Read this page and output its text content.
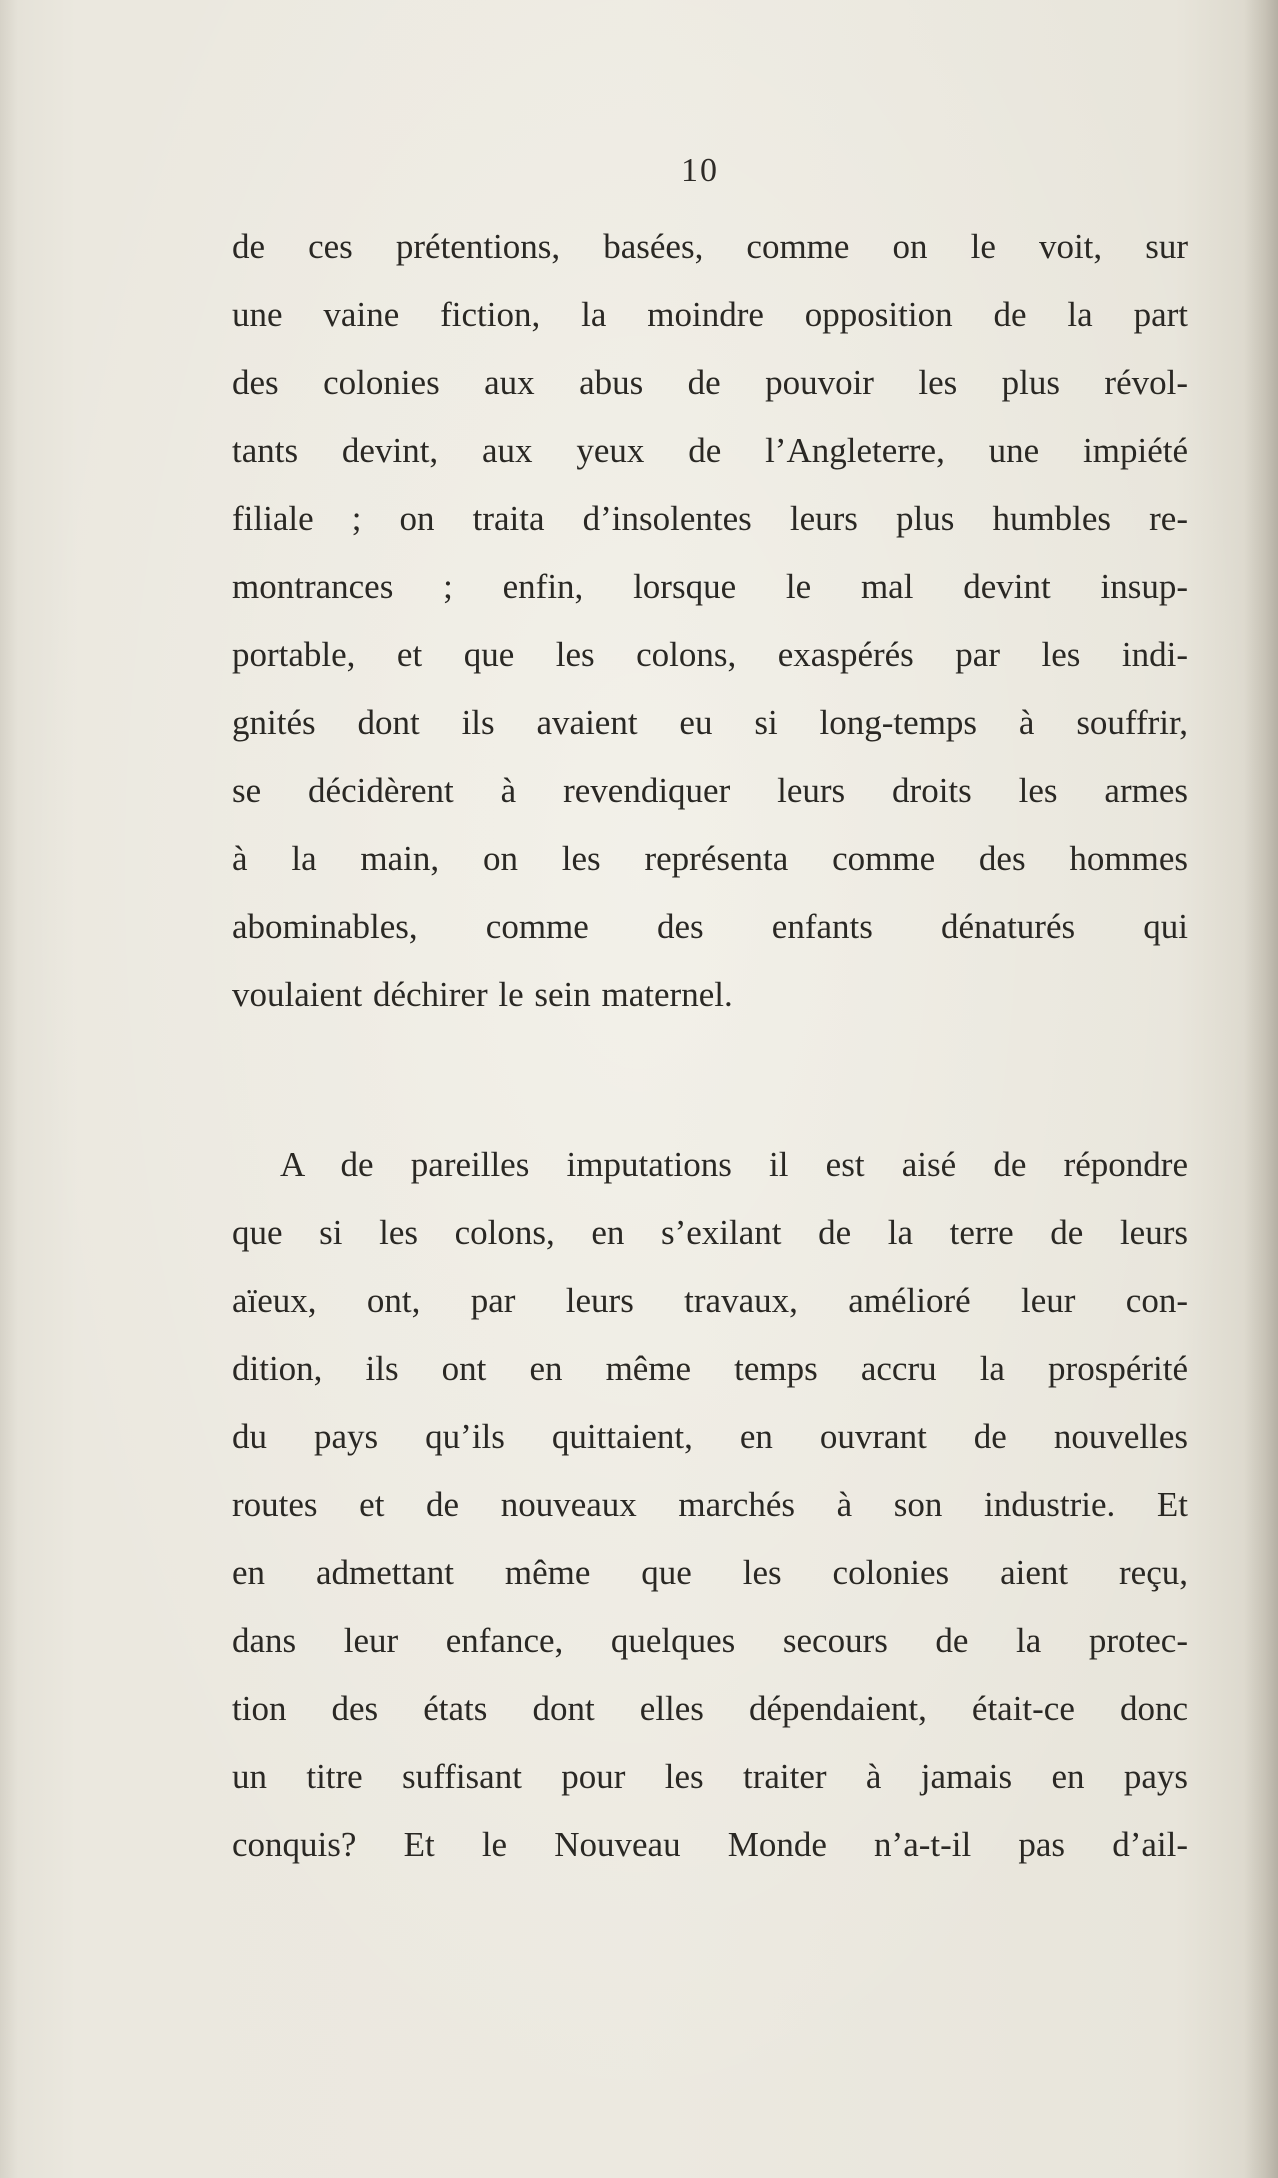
10
de ces prétentions, basées, comme on le voit, sur
une vaine fiction, la moindre opposition de la part
des colonies aux abus de pouvoir les plus révol-
tants devint, aux yeux de l’Angleterre, une impiété
filiale ; on traita d’insolentes leurs plus humbles re-
montrances ; enfin, lorsque le mal devint insup-
portable, et que les colons, exaspérés par les indi-
gnités dont ils avaient eu si long-temps à souffrir,
se décidèrent à revendiquer leurs droits les armes
à la main, on les représenta comme des hommes
abominables, comme des enfants dénaturés qui
voulaient déchirer le sein maternel.
A de pareilles imputations il est aisé de répondre
que si les colons, en s’exilant de la terre de leurs
aïeux, ont, par leurs travaux, amélioré leur con-
dition, ils ont en même temps accru la prospérité
du pays qu’ils quittaient, en ouvrant de nouvelles
routes et de nouveaux marchés à son industrie. Et
en admettant même que les colonies aient reçu,
dans leur enfance, quelques secours de la protec-
tion des états dont elles dépendaient, était-ce donc
un titre suffisant pour les traiter à jamais en pays
conquis? Et le Nouveau Monde n’a-t-il pas d’ail-
